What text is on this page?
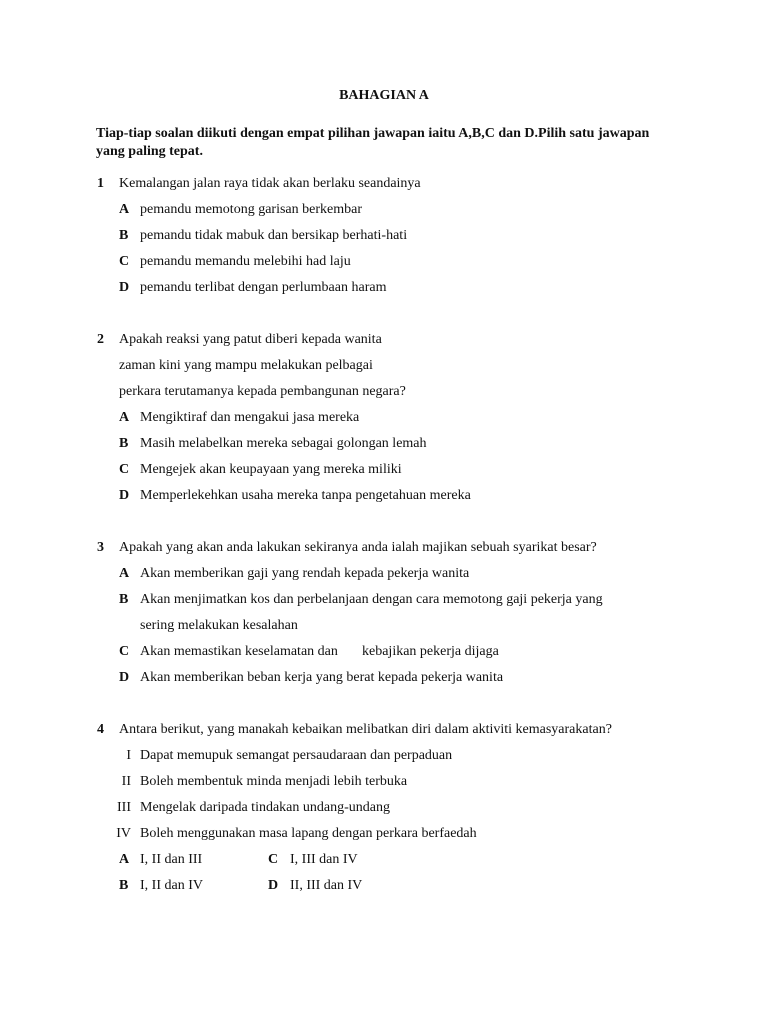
BAHAGIAN A
Tiap-tiap soalan diikuti dengan empat pilihan jawapan iaitu A,B,C dan D.Pilih satu jawapan yang paling tepat.
1 Kemalangan jalan raya tidak akan berlaku seandainya
A pemandu memotong garisan berkembar
B pemandu tidak mabuk dan bersikap berhati-hati
C pemandu memandu melebihi had laju
D pemandu terlibat dengan perlumbaan haram
2 Apakah reaksi yang patut diberi kepada wanita
zaman kini yang mampu melakukan pelbagai
perkara terutamanya kepada pembangunan negara?
A Mengiktiraf dan mengakui jasa mereka
B Masih melabelkan mereka sebagai golongan lemah
C Mengejek akan keupayaan yang mereka miliki
D Memperlekehkan usaha mereka tanpa pengetahuan mereka
3 Apakah yang akan anda lakukan sekiranya anda ialah majikan sebuah syarikat besar?
A Akan memberikan gaji yang rendah kepada pekerja wanita
B Akan menjimatkan kos dan perbelanjaan dengan cara memotong gaji pekerja yang
sering melakukan kesalahan
C Akan memastikan keselamatan dan kebajikan pekerja dijaga
D Akan memberikan beban kerja yang berat kepada pekerja wanita
4 Antara berikut, yang manakah kebaikan melibatkan diri dalam aktiviti kemasyarakatan?
I Dapat memupuk semangat persaudaraan dan perpaduan
II Boleh membentuk minda menjadi lebih terbuka
III Mengelak daripada tindakan undang-undang
IV Boleh menggunakan masa lapang dengan perkara berfaedah
A I, II dan III	C I, III dan IV
B I, II dan IV	D II, III dan IV
